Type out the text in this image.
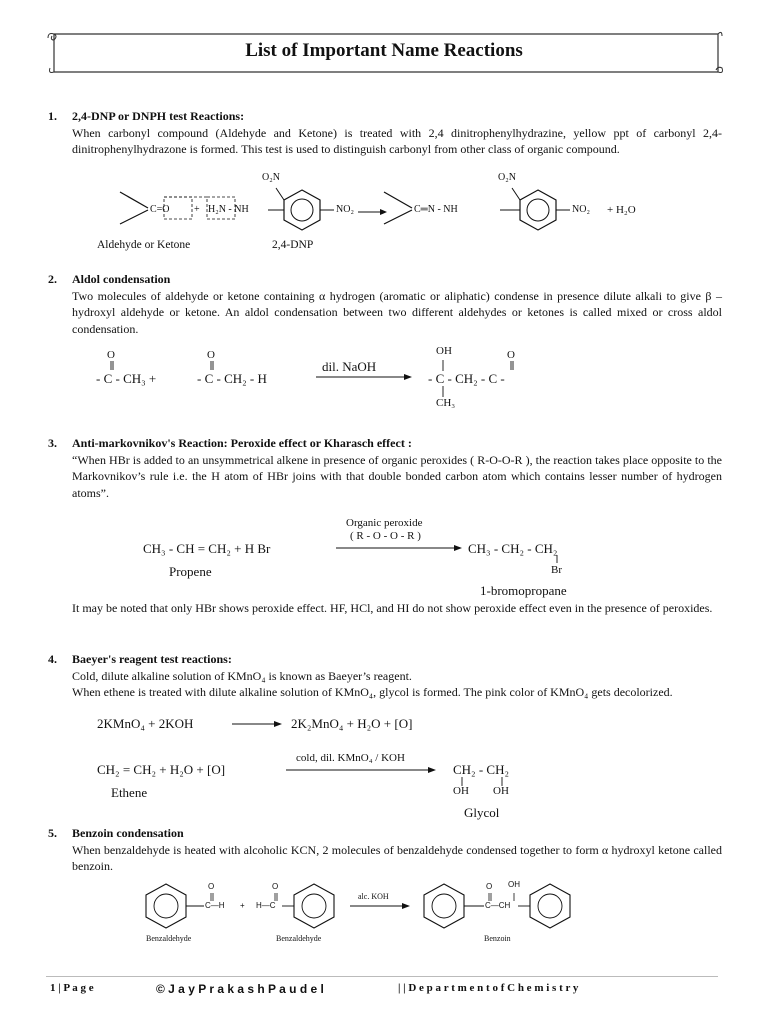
List of Important Name Reactions
1. 2,4-DNP or DNPH test Reactions:
When carbonyl compound (Aldehyde and Ketone) is treated with 2,4 dinitrophenylhydrazine, yellow ppt of carbonyl 2,4-dinitrophenylhydrazone is formed. This test is used to distinguish carbonyl from other class of organic compound.
C=O + H₂N - NH
O₂N
NO₂	C═N - NH
O₂N
NO₂ + H₂O
Aldehyde or Ketone	2,4-DNP
2. Aldol condensation
Two molecules of aldehyde or ketone containing α hydrogen (aromatic or aliphatic) condense in presence dilute alkali to give β – hydroxyl aldehyde or ketone. An aldol condensation between two different aldehydes or ketones is called mixed or cross aldol condensation.
O	O
- C - CH₃ +	- C - CH₂ - H
dil. NaOH
OH	O
- C - CH₂ - C -
CH₃
3. Anti-markovnikov's Reaction: Peroxide effect or Kharasch effect :
“When HBr is added to an unsymmetrical alkene in presence of organic peroxides ( R-O-O-R ), the reaction takes place opposite to the Markovnikov’s rule i.e. the H atom of HBr joins with that double bonded carbon atom which contains lesser number of hydrogen atoms”.
CH₃ - CH = CH₂ + H Br
Organic peroxide
( R - O - O - R )
CH₃ - CH₂ - CH₂
Br
Propene
1-bromopropane
It may be noted that only HBr shows peroxide effect. HF, HCl, and HI do not show peroxide effect even in the presence of peroxides.
4. Baeyer's reagent test reactions:
Cold, dilute alkaline solution of KMnO₄ is known as Baeyer’s reagent.
When ethene is treated with dilute alkaline solution of KMnO₄, glycol is formed. The pink color of KMnO₄ gets decolorized.
2KMnO₄ + 2KOH	2K₂MnO₄ + H₂O + [O]
CH₂ = CH₂ + H₂O + [O]
cold, dil. KMnO₄ / KOH
CH₂ - CH₂
OH OH
Ethene
Glycol
5. Benzoin condensation
When benzaldehyde is heated with alcoholic KCN, 2 molecules of benzaldehyde condensed together to form α hydroxyl ketone called benzoin.
O
C—H +
O
H—C
alc. KOH
O OH
C—CH
Benzaldehyde	Benzaldehyde	Benzoin
1 | P a g e	© J a y P r a k a s h P a u d e l	| | D e p a r t m e n t o f C h e m i s t r y
